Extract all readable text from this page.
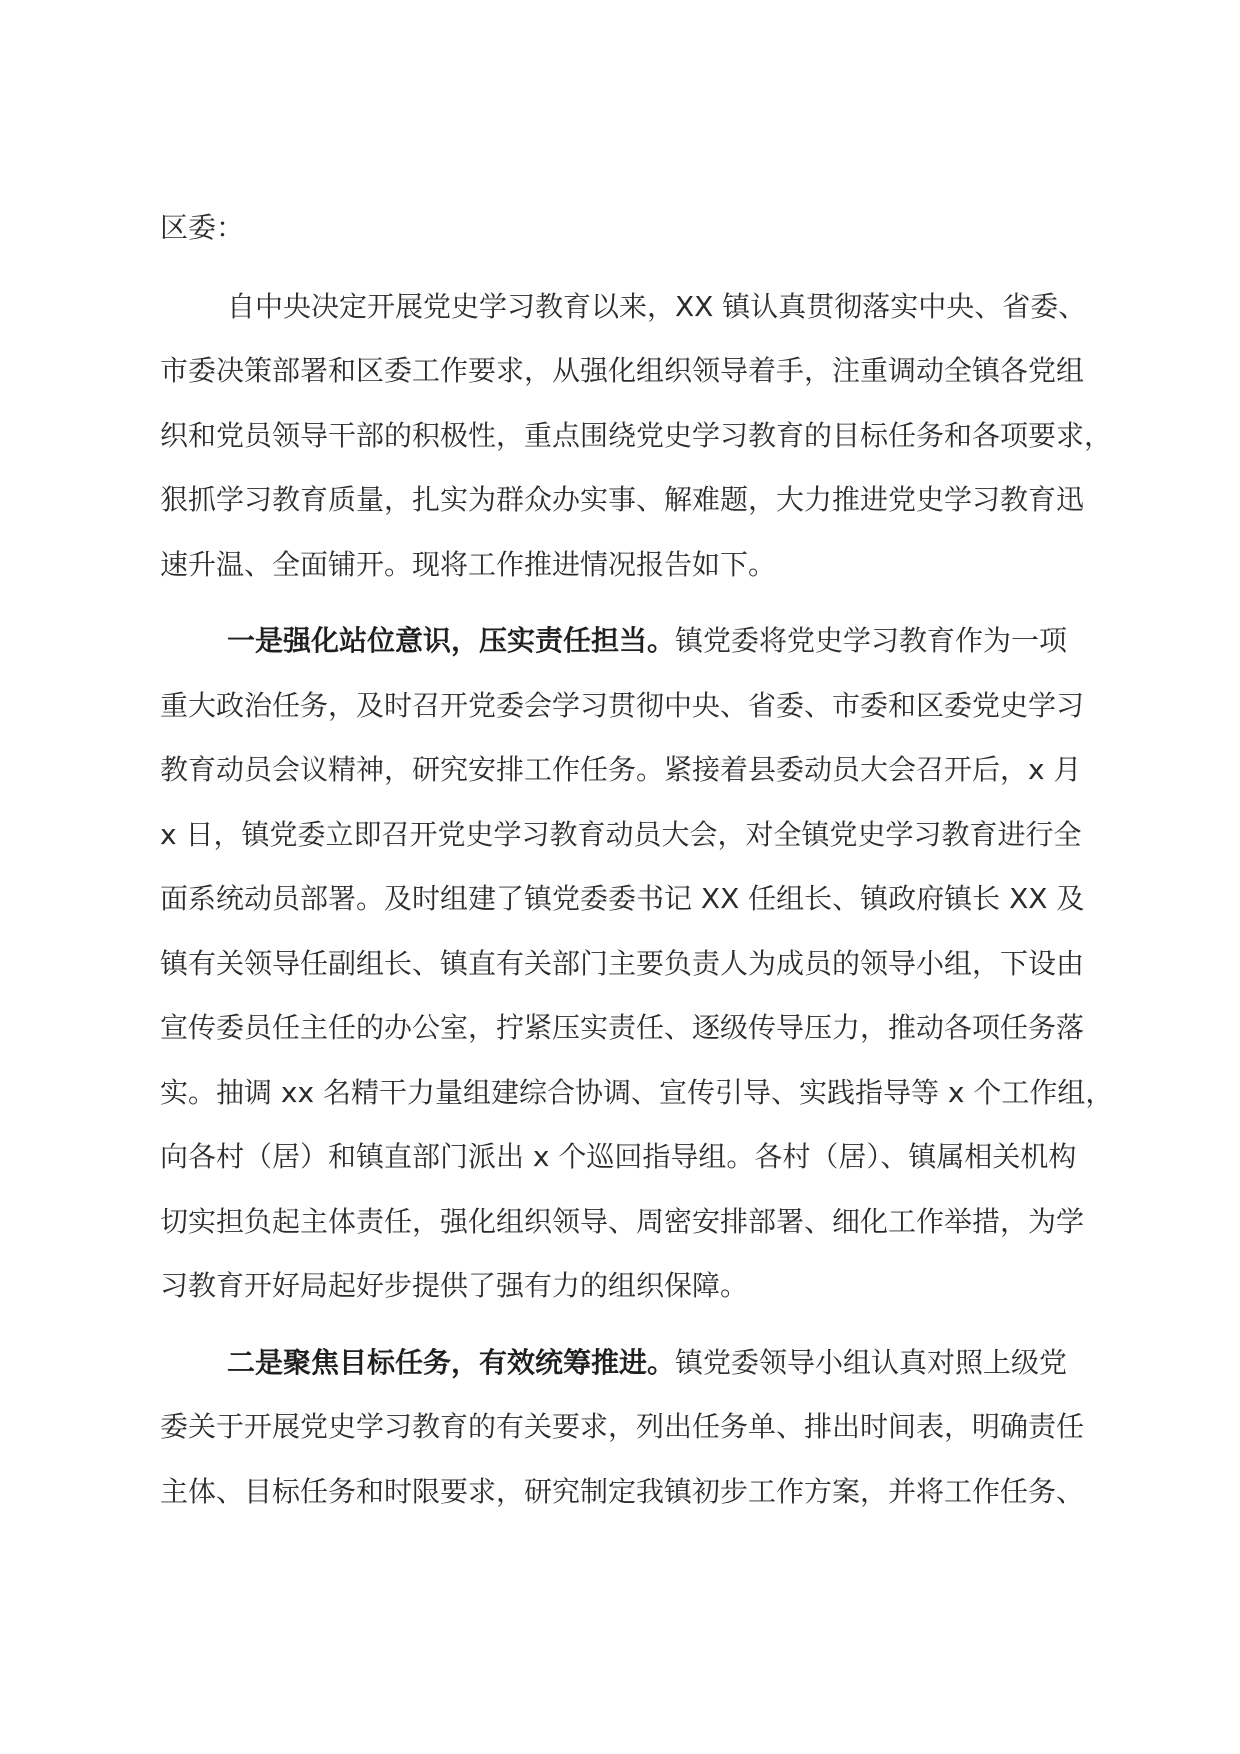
区委：
自中央决定开展党史学习教育以来，XX 镇认真贯彻落实中央、省委、
市委决策部署和区委工作要求，从强化组织领导着手，注重调动全镇各党组
织和党员领导干部的积极性，重点围绕党史学习教育的目标任务和各项要求，
狠抓学习教育质量，扎实为群众办实事、解难题，大力推进党史学习教育迅
速升温、全面铺开。现将工作推进情况报告如下。
一是强化站位意识，压实责任担当。镇党委将党史学习教育作为一项
重大政治任务，及时召开党委会学习贯彻中央、省委、市委和区委党史学习
教育动员会议精神，研究安排工作任务。紧接着县委动员大会召开后，x 月
x 日，镇党委立即召开党史学习教育动员大会，对全镇党史学习教育进行全
面系统动员部署。及时组建了镇党委委书记 XX 任组长、镇政府镇长 XX 及
镇有关领导任副组长、镇直有关部门主要负责人为成员的领导小组，下设由
宣传委员任主任的办公室，拧紧压实责任、逐级传导压力，推动各项任务落
实。抽调 xx 名精干力量组建综合协调、宣传引导、实践指导等 x 个工作组，
向各村（居）和镇直部门派出 x 个巡回指导组。各村（居）、镇属相关机构
切实担负起主体责任，强化组织领导、周密安排部署、细化工作举措，为学
习教育开好局起好步提供了强有力的组织保障。
二是聚焦目标任务，有效统筹推进。镇党委领导小组认真对照上级党
委关于开展党史学习教育的有关要求，列出任务单、排出时间表，明确责任
主体、目标任务和时限要求，研究制定我镇初步工作方案，并将工作任务、
